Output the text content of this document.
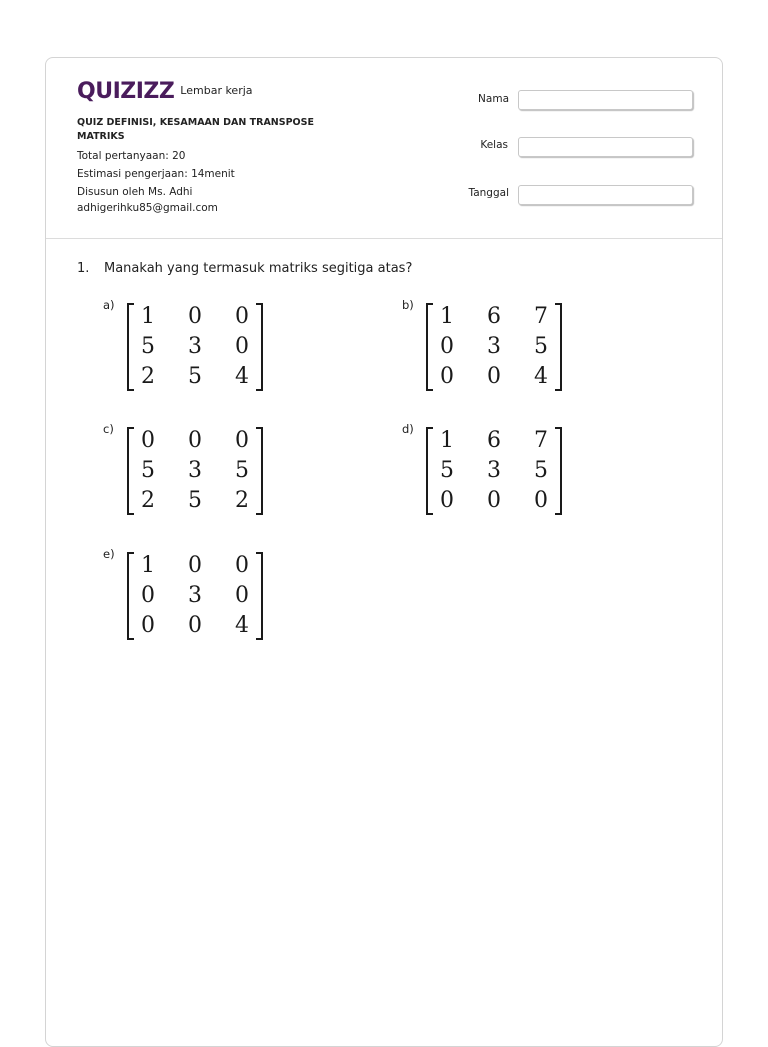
QUIZIZZ Lembar kerja
QUIZ DEFINISI, KESAMAAN DAN TRANSPOSE MATRIKS
Total pertanyaan: 20
Estimasi pengerjaan: 14menit
Disusun oleh Ms. Adhi
adhigerihku85@gmail.com
Nama
Kelas
Tanggal
1. Manakah yang termasuk matriks segitiga atas?
a)	1	0	0
5	3	0
2	5	4
b)	1	6	7
0	3	5
0	0	4
c)	0	0	0
5	3	5
2	5	2
d)	1	6	7
5	3	5
0	0	0
e)	1	0	0
0	3	0
0	0	4
